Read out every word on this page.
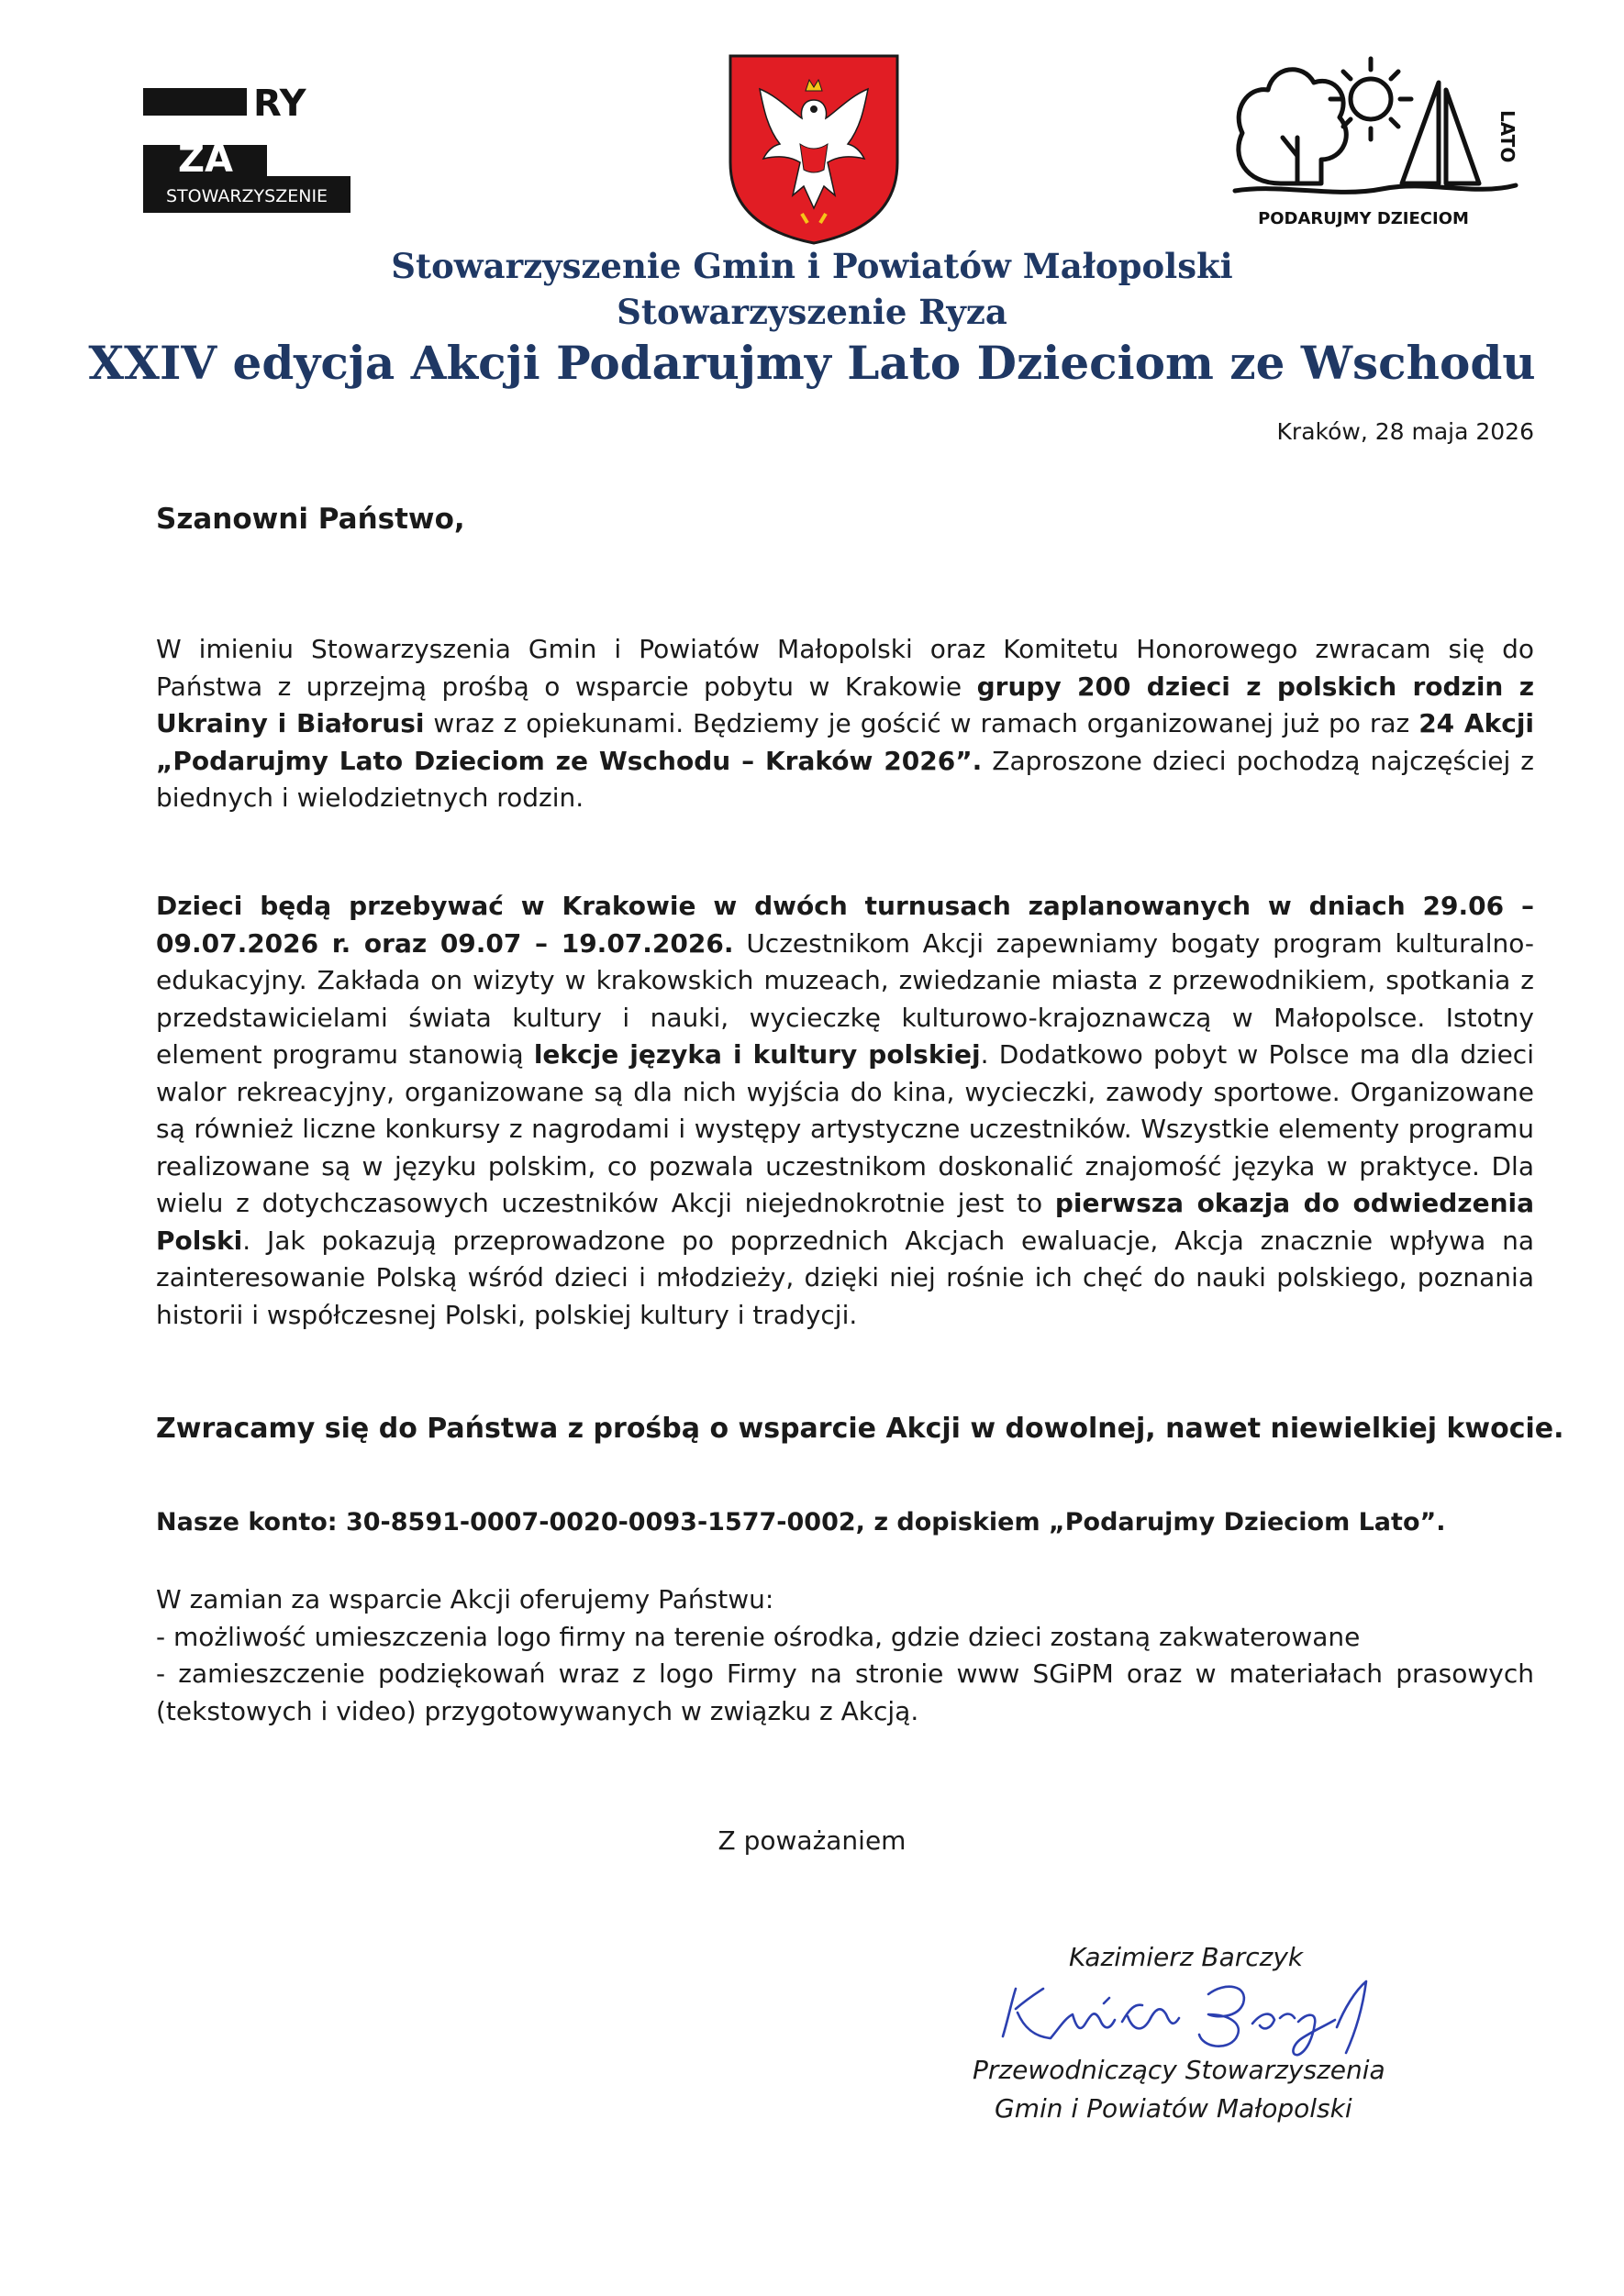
RY
ZA
STOWARZYSZENIE
PODARUJMY DZIECIOM
LATO
Stowarzyszenie Gmin i Powiatów Małopolski
Stowarzyszenie Ryza
XXIV edycja Akcji Podarujmy Lato Dzieciom ze Wschodu
Kraków, 28 maja 2026
Szanowni Państwo,
W imieniu Stowarzyszenia Gmin i Powiatów Małopolski oraz Komitetu Honorowego zwracam się do Państwa z uprzejmą prośbą o wsparcie pobytu w Krakowie grupy 200 dzieci z polskich rodzin z Ukrainy i Białorusi wraz z opiekunami. Będziemy je gościć w ramach organizowanej już po raz 24 Akcji „Podarujmy Lato Dzieciom ze Wschodu – Kraków 2026”. Zaproszone dzieci pochodzą najczęściej z biednych i wielodzietnych rodzin.
Dzieci będą przebywać w Krakowie w dwóch turnusach zaplanowanych w dniach 29.06 – 09.07.2026 r. oraz 09.07 – 19.07.2026. Uczestnikom Akcji zapewniamy bogaty program kulturalno-edukacyjny. Zakłada on wizyty w krakowskich muzeach, zwiedzanie miasta z przewodnikiem, spotkania z przedstawicielami świata kultury i nauki, wycieczkę kulturowo-krajoznawczą w Małopolsce. Istotny element programu stanowią lekcje języka i kultury polskiej. Dodatkowo pobyt w Polsce ma dla dzieci walor rekreacyjny, organizowane są dla nich wyjścia do kina, wycieczki, zawody sportowe. Organizowane są również liczne konkursy z nagrodami i występy artystyczne uczestników. Wszystkie elementy programu realizowane są w języku polskim, co pozwala uczestnikom doskonalić znajomość języka w praktyce. Dla wielu z dotychczasowych uczestników Akcji niejednokrotnie jest to pierwsza okazja do odwiedzenia Polski. Jak pokazują przeprowadzone po poprzednich Akcjach ewaluacje, Akcja znacznie wpływa na zainteresowanie Polską wśród dzieci i młodzieży, dzięki niej rośnie ich chęć do nauki polskiego, poznania historii i współczesnej Polski, polskiej kultury i tradycji.
Zwracamy się do Państwa z prośbą o wsparcie Akcji w dowolnej, nawet niewielkiej kwocie.
Nasze konto: 30-8591-0007-0020-0093-1577-0002, z dopiskiem „Podarujmy Dzieciom Lato”.
W zamian za wsparcie Akcji oferujemy Państwu:
- możliwość umieszczenia logo firmy na terenie ośrodka, gdzie dzieci zostaną zakwaterowane
- zamieszczenie podziękowań wraz z logo Firmy na stronie www SGiPM oraz w materiałach prasowych (tekstowych i video) przygotowywanych w związku z Akcją.
Z poważaniem
Kazimierz Barczyk
Przewodniczący Stowarzyszenia
Gmin i Powiatów Małopolski
